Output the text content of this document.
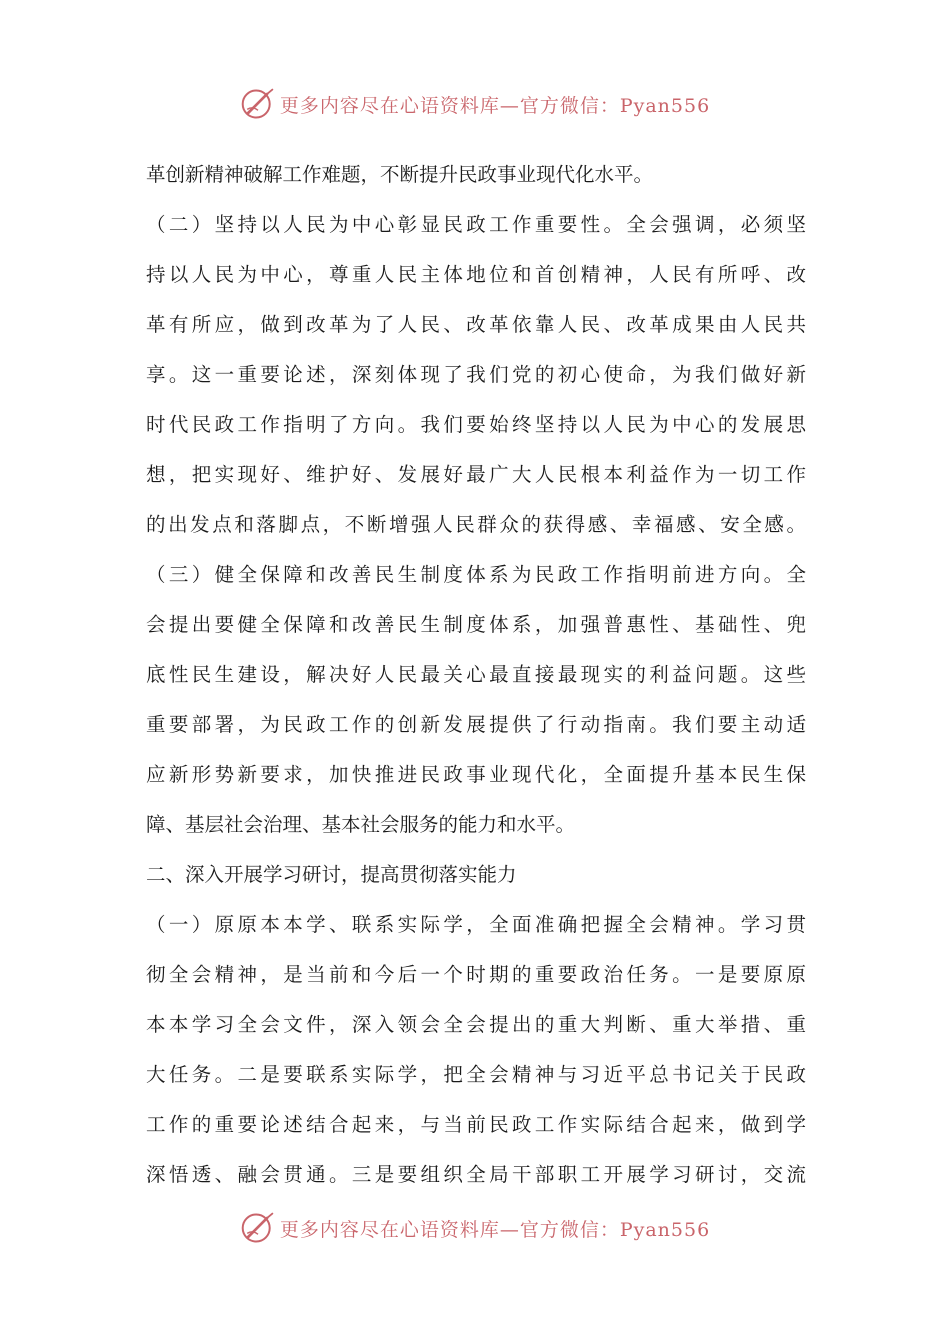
更多内容尽在心语资料库—官方微信：Pyan556
革创新精神破解工作难题，不断提升民政事业现代化水平。
（二）坚持以人民为中心彰显民政工作重要性。全会强调，必须坚
持以人民为中心，尊重人民主体地位和首创精神，人民有所呼、改
革有所应，做到改革为了人民、改革依靠人民、改革成果由人民共
享。这一重要论述，深刻体现了我们党的初心使命，为我们做好新
时代民政工作指明了方向。我们要始终坚持以人民为中心的发展思
想，把实现好、维护好、发展好最广大人民根本利益作为一切工作
的出发点和落脚点，不断增强人民群众的获得感、幸福感、安全感。
（三）健全保障和改善民生制度体系为民政工作指明前进方向。全
会提出要健全保障和改善民生制度体系，加强普惠性、基础性、兜
底性民生建设，解决好人民最关心最直接最现实的利益问题。这些
重要部署，为民政工作的创新发展提供了行动指南。我们要主动适
应新形势新要求，加快推进民政事业现代化，全面提升基本民生保
障、基层社会治理、基本社会服务的能力和水平。
二、深入开展学习研讨，提高贯彻落实能力
（一）原原本本学、联系实际学，全面准确把握全会精神。学习贯
彻全会精神，是当前和今后一个时期的重要政治任务。一是要原原
本本学习全会文件，深入领会全会提出的重大判断、重大举措、重
大任务。二是要联系实际学，把全会精神与习近平总书记关于民政
工作的重要论述结合起来，与当前民政工作实际结合起来，做到学
深悟透、融会贯通。三是要组织全局干部职工开展学习研讨，交流
更多内容尽在心语资料库—官方微信：Pyan556
